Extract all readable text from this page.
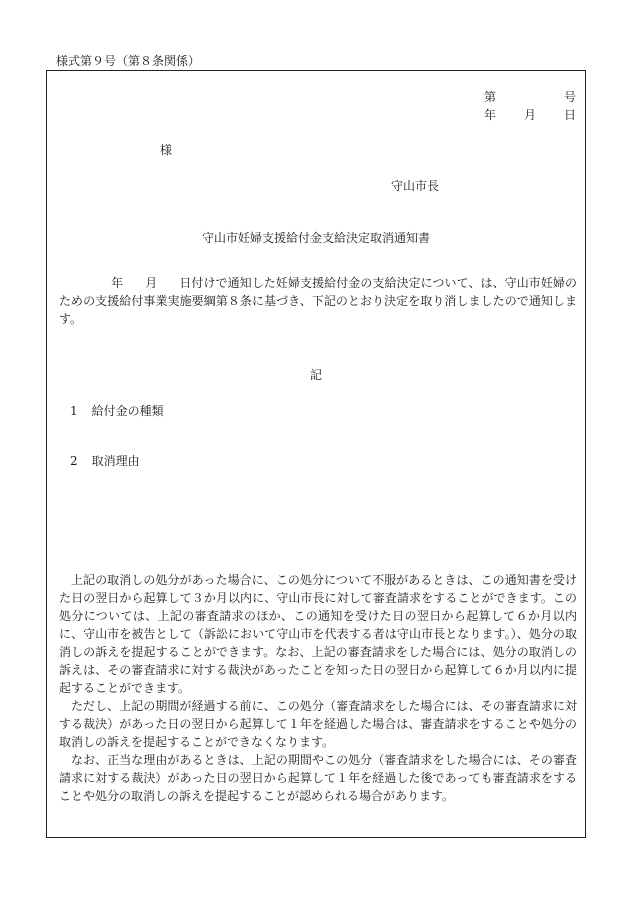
様式第９号（第８条関係）
第	号
年 月 日
様
守山市長
守山市妊婦支援給付金支給決定取消通知書

年 月 日付けで通知した妊婦支援給付金の支給決定について、は、守山市妊婦のための支援給付事業実施要綱第８条に基づき、下記のとおり決定を取り消しましたので通知します。

記
1 給付金の種類
2 取消理由

上記の取消しの処分があった場合に、この処分について不服があるときは、この通知書を受けた日の翌日から起算して３か月以内に、守山市長に対して審査請求をすることができます。この処分については、上記の審査請求のほか、この通知を受けた日の翌日から起算して６か月以内に、守山市を被告として（訴訟において守山市を代表する者は守山市長となります。）、処分の取消しの訴えを提起することができます。なお、上記の審査請求をした場合には、処分の取消しの訴えは、その審査請求に対する裁決があったことを知った日の翌日から起算して６か月以内に提起することができます。

ただし、上記の期間が経過する前に、この処分（審査請求をした場合には、その審査請求に対する裁決）があった日の翌日から起算して１年を経過した場合は、審査請求をすることや処分の取消しの訴えを提起することができなくなります。

なお、正当な理由があるときは、上記の期間やこの処分（審査請求をした場合には、その審査請求に対する裁決）があった日の翌日から起算して１年を経過した後であっても審査請求をすることや処分の取消しの訴えを提起することが認められる場合があります。
